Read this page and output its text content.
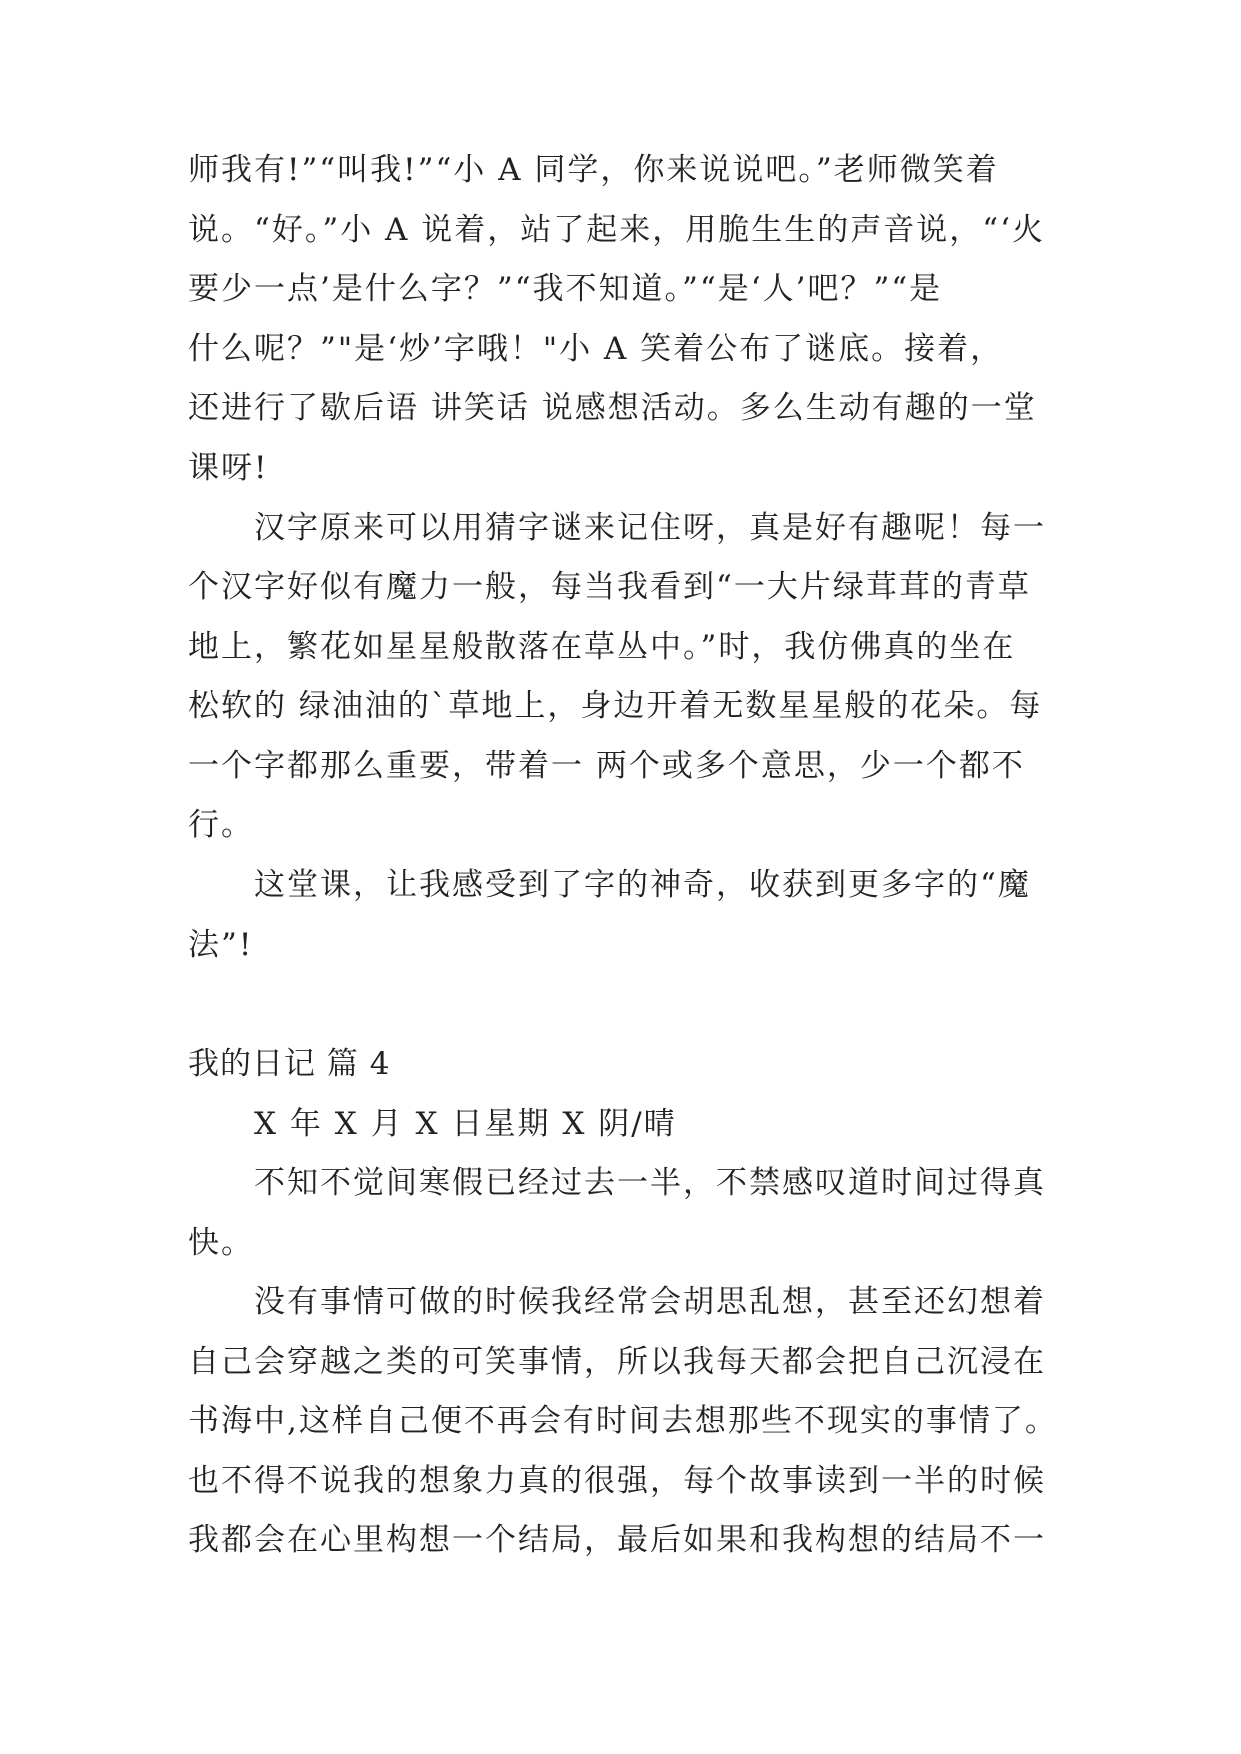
师我有!”“叫我!”“小 A 同学，你来说说吧。”老师微笑着
说。“好。”小 A 说着，站了起来，用脆生生的声音说，“‘火
要少一点’是什么字？”“我不知道。”“是‘人’吧？”“是
什么呢？”"是‘炒’字哦！"小 A 笑着公布了谜底。接着，
还进行了歇后语 讲笑话 说感想活动。多么生动有趣的一堂
课呀!
汉字原来可以用猜字谜来记住呀，真是好有趣呢！每一
个汉字好似有魔力一般，每当我看到“一大片绿茸茸的青草
地上，繁花如星星般散落在草丛中。”时，我仿佛真的坐在
松软的 绿油油的`草地上，身边开着无数星星般的花朵。每
一个字都那么重要，带着一 两个或多个意思，少一个都不
行。
这堂课，让我感受到了字的神奇，收获到更多字的“魔
法”!
我的日记 篇 4
X 年 X 月 X 日星期 X 阴/晴
不知不觉间寒假已经过去一半，不禁感叹道时间过得真
快。
没有事情可做的时候我经常会胡思乱想，甚至还幻想着
自己会穿越之类的可笑事情，所以我每天都会把自己沉浸在
书海中,这样自己便不再会有时间去想那些不现实的事情了。
也不得不说我的想象力真的很强，每个故事读到一半的时候
我都会在心里构想一个结局，最后如果和我构想的结局不一
